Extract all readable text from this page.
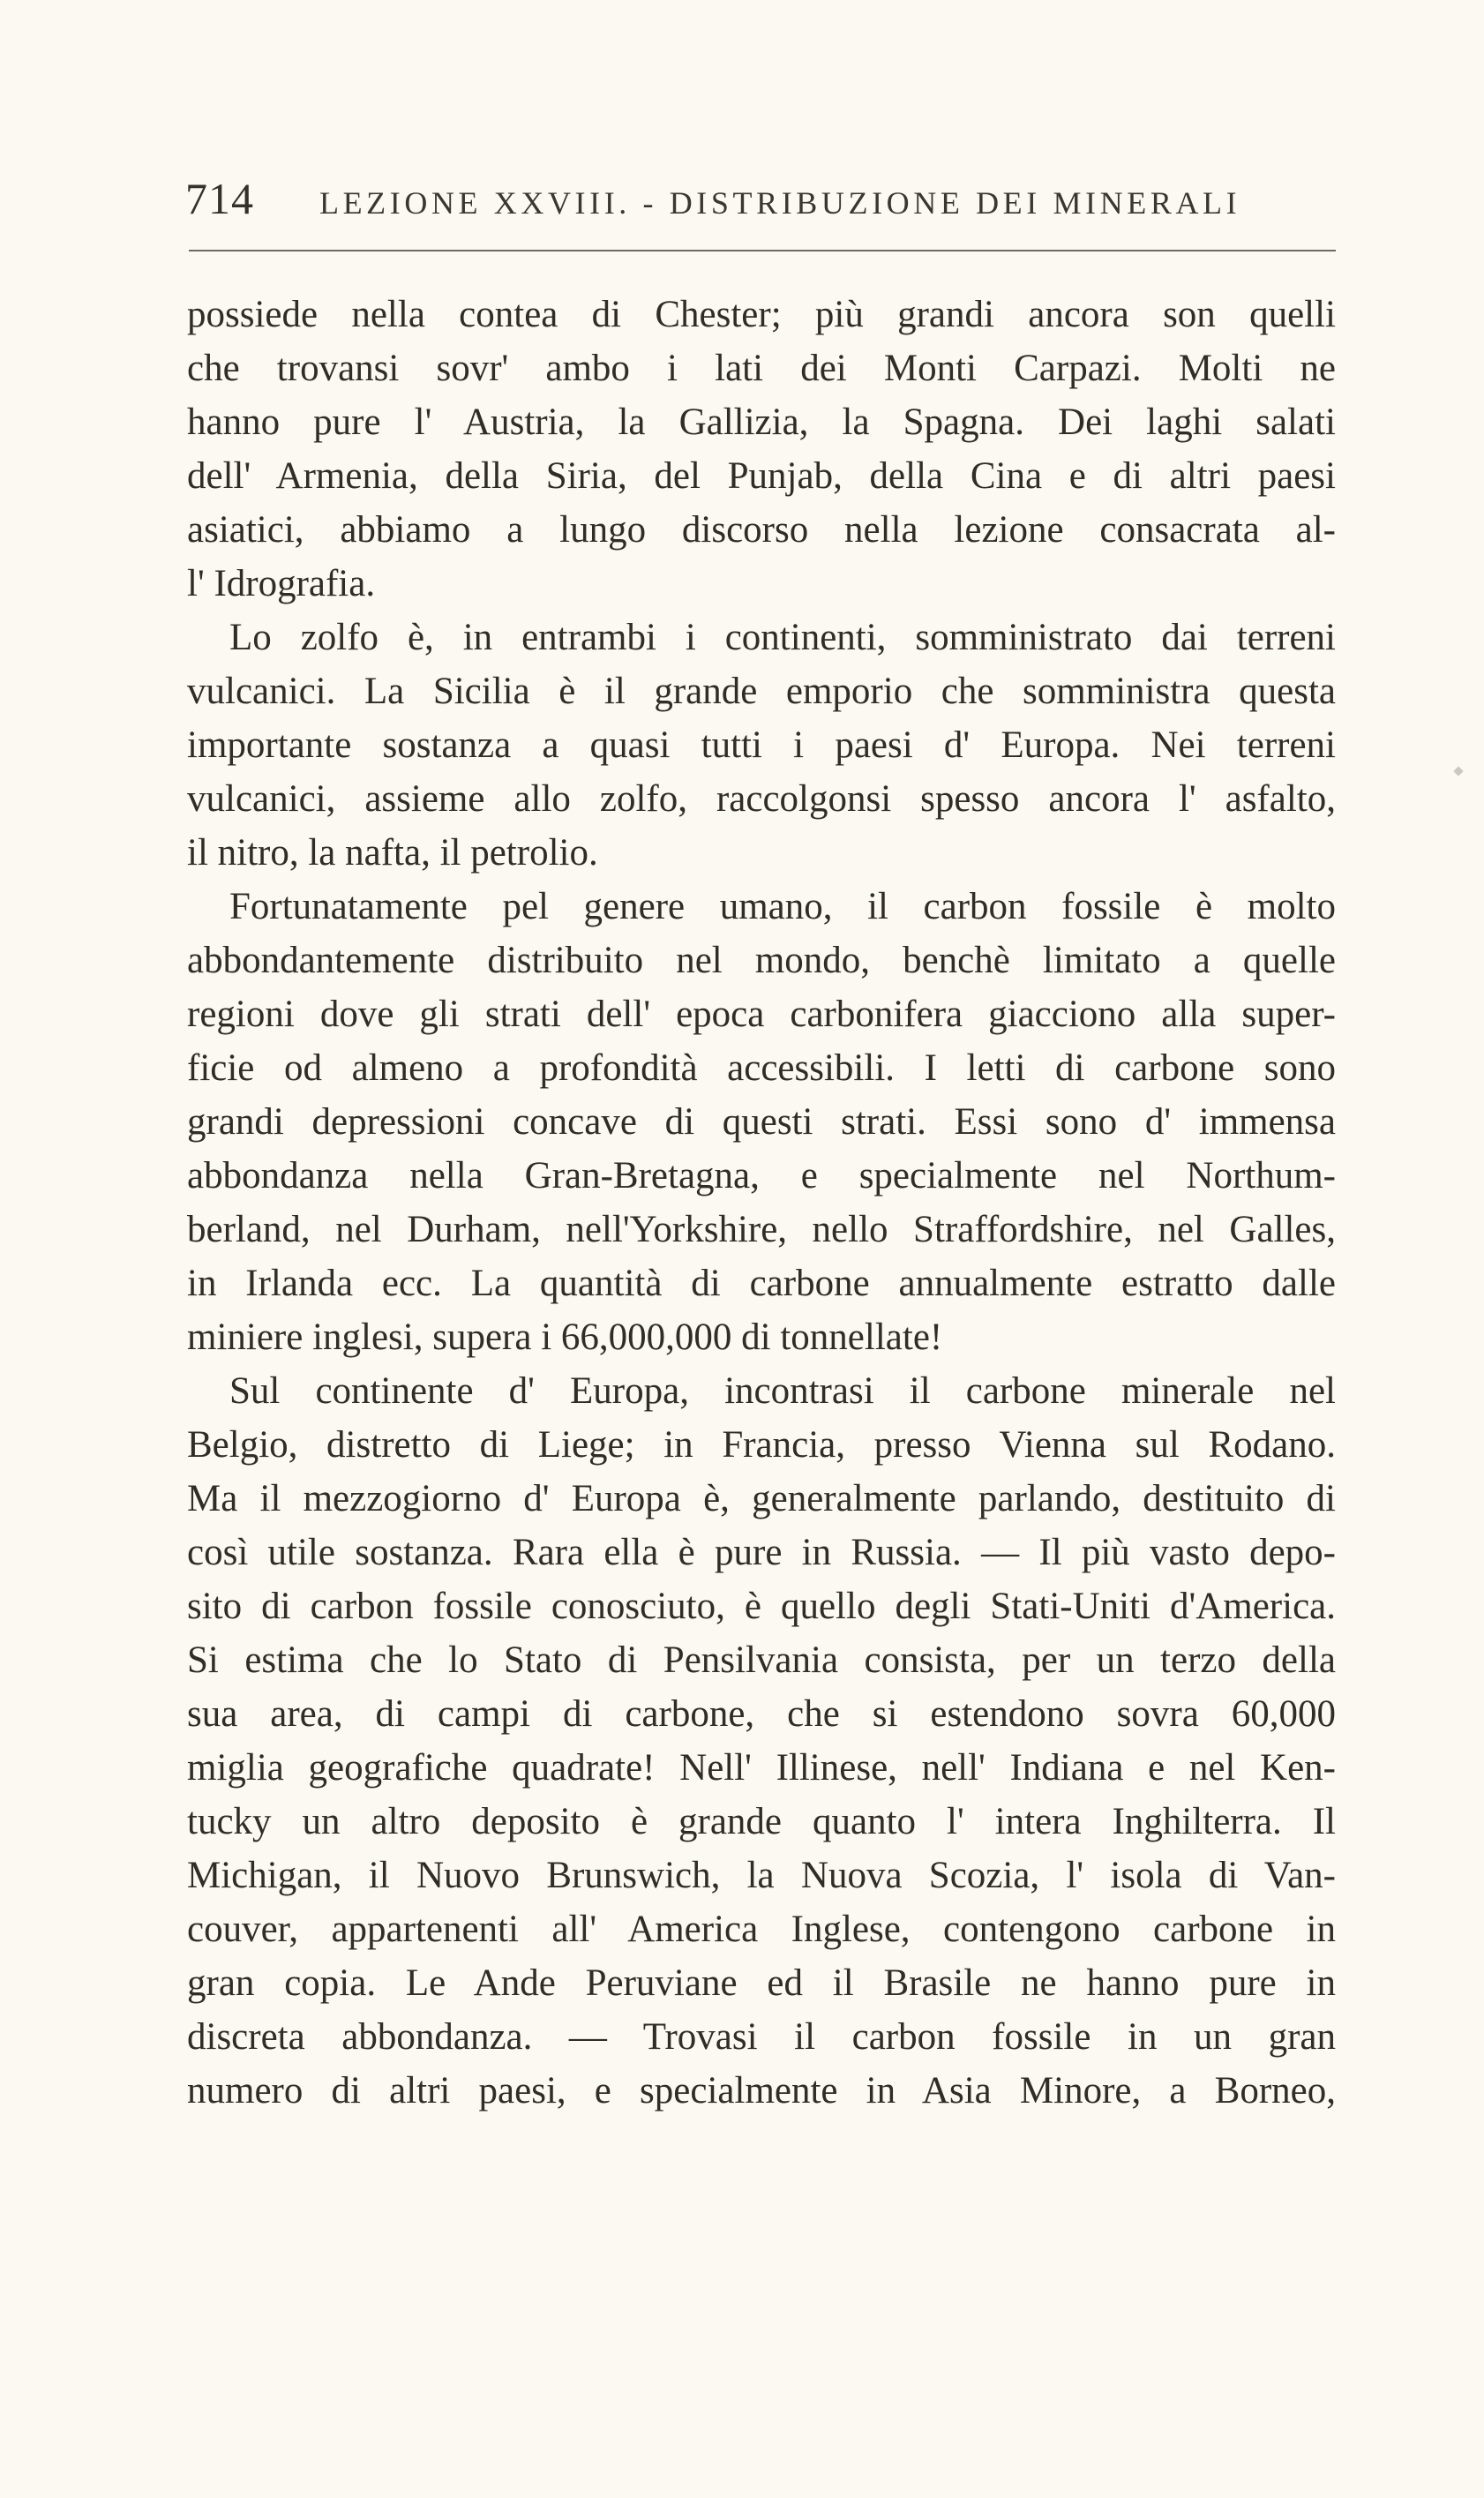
714 LEZIONE XXVIII. - DISTRIBUZIONE DEI MINERALI
possiede nella contea di Chester; più grandi ancora son quelli
che trovansi sovr' ambo i lati dei Monti Carpazi. Molti ne
hanno pure l' Austria, la Gallizia, la Spagna. Dei laghi salati
dell' Armenia, della Siria, del Punjab, della Cina e di altri paesi
asiatici, abbiamo a lungo discorso nella lezione consacrata al-
l' Idrografia.
Lo zolfo è, in entrambi i continenti, somministrato dai terreni
vulcanici. La Sicilia è il grande emporio che somministra questa
importante sostanza a quasi tutti i paesi d' Europa. Nei terreni
vulcanici, assieme allo zolfo, raccolgonsi spesso ancora l' asfalto,
il nitro, la nafta, il petrolio.
Fortunatamente pel genere umano, il carbon fossile è molto
abbondantemente distribuito nel mondo, benchè limitato a quelle
regioni dove gli strati dell' epoca carbonifera giacciono alla super-
ficie od almeno a profondità accessibili. I letti di carbone sono
grandi depressioni concave di questi strati. Essi sono d' immensa
abbondanza nella Gran-Bretagna, e specialmente nel Northum-
berland, nel Durham, nell'Yorkshire, nello Straffordshire, nel Galles,
in Irlanda ecc. La quantità di carbone annualmente estratto dalle
miniere inglesi, supera i 66,000,000 di tonnellate!
Sul continente d' Europa, incontrasi il carbone minerale nel
Belgio, distretto di Liege; in Francia, presso Vienna sul Rodano.
Ma il mezzogiorno d' Europa è, generalmente parlando, destituito di
così utile sostanza. Rara ella è pure in Russia. — Il più vasto depo-
sito di carbon fossile conosciuto, è quello degli Stati-Uniti d'America.
Si estima che lo Stato di Pensilvania consista, per un terzo della
sua area, di campi di carbone, che si estendono sovra 60,000
miglia geografiche quadrate! Nell' Illinese, nell' Indiana e nel Ken-
tucky un altro deposito è grande quanto l' intera Inghilterra. Il
Michigan, il Nuovo Brunswich, la Nuova Scozia, l' isola di Van-
couver, appartenenti all' America Inglese, contengono carbone in
gran copia. Le Ande Peruviane ed il Brasile ne hanno pure in
discreta abbondanza. — Trovasi il carbon fossile in un gran
numero di altri paesi, e specialmente in Asia Minore, a Borneo,
